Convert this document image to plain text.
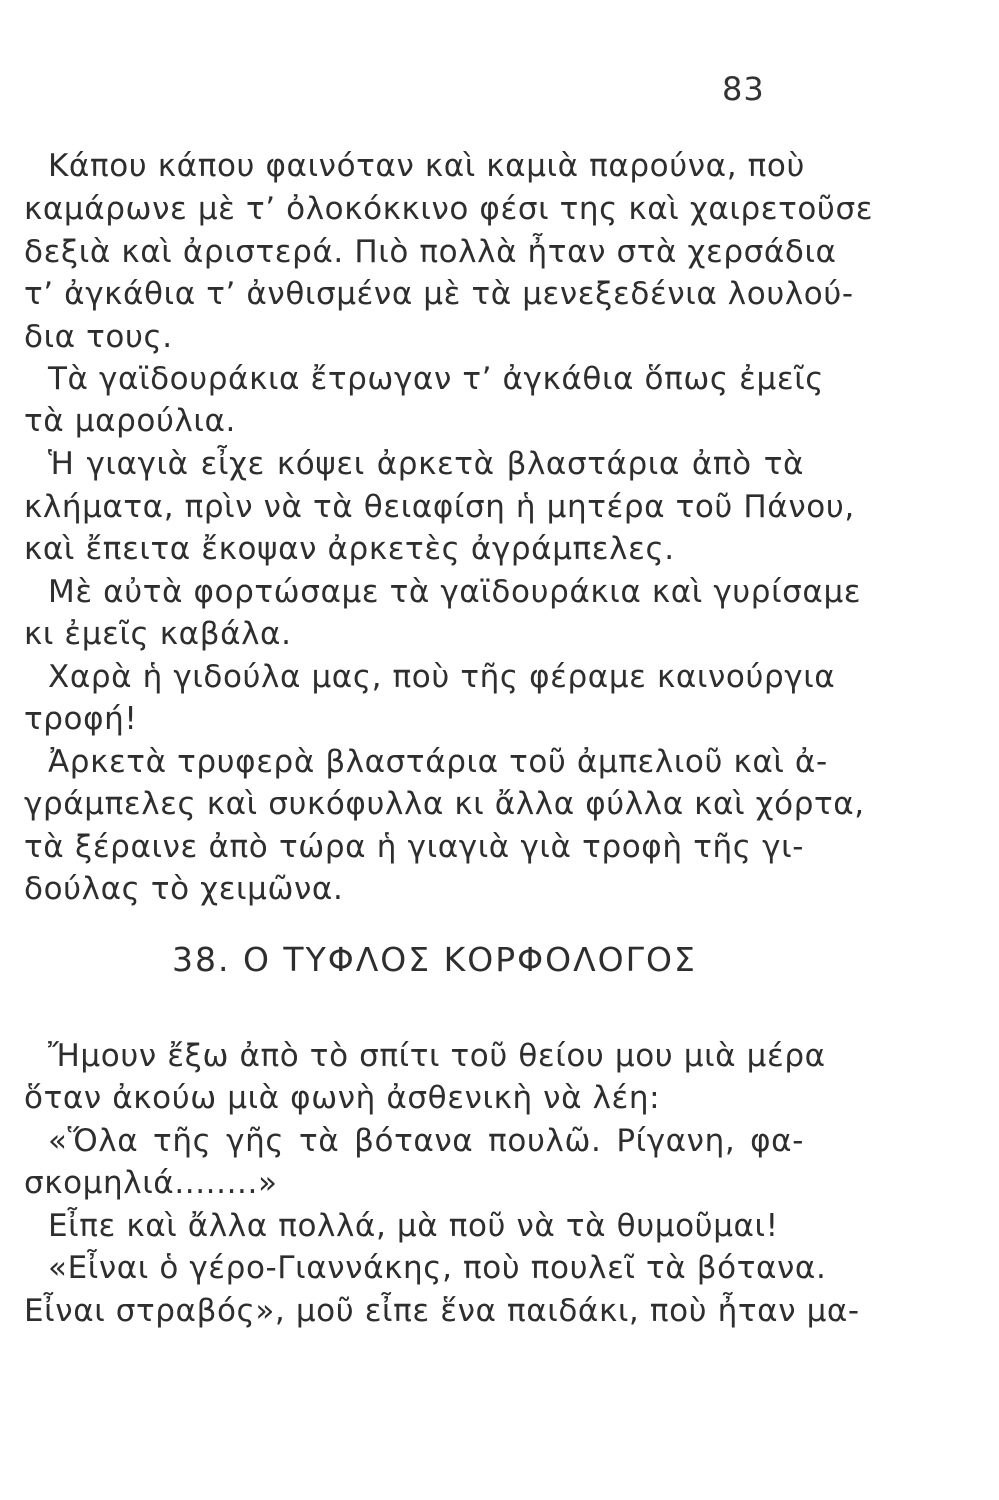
83
Κάπου κάπου φαινόταν καὶ καμιὰ παρούνα, ποὺ
καμάρωνε μὲ τ’ ὀλοκόκκινο φέσι της καὶ χαιρετοῦσε
δεξιὰ καὶ ἀριστερά. Πιὸ πολλὰ ἦταν στὰ χερσάδια
τ’ ἀγκάθια τ’ ἀνθισμένα μὲ τὰ μενεξεδένια λουλού-
δια τους.
Τὰ γαϊδουράκια ἔτρωγαν τ’ ἀγκάθια ὅπως ἐμεῖς
τὰ μαρούλια.
Ἡ γιαγιὰ εἶχε κόψει ἀρκετὰ βλαστάρια ἀπὸ τὰ
κλήματα, πρὶν νὰ τὰ θειαφίση ἡ μητέρα τοῦ Πάνου,
καὶ ἔπειτα ἔκοψαν ἀρκετὲς ἀγράμπελες.
Μὲ αὐτὰ φορτώσαμε τὰ γαϊδουράκια καὶ γυρίσαμε
κι ἐμεῖς καβάλα.
Χαρὰ ἡ γιδούλα μας, ποὺ τῆς φέραμε καινούργια
τροφή!
Ἀρκετὰ τρυφερὰ βλαστάρια τοῦ ἀμπελιοῦ καὶ ἀ-
γράμπελες καὶ συκόφυλλα κι ἄλλα φύλλα καὶ χόρτα,
τὰ ξέραινε ἀπὸ τώρα ἡ γιαγιὰ γιὰ τροφὴ τῆς γι-
δούλας τὸ χειμῶνα.
38. Ο ΤΥΦΛΟΣ ΚΟΡΦΟΛΟΓΟΣ
Ἤμουν ἔξω ἀπὸ τὸ σπίτι τοῦ θείου μου μιὰ μέρα
ὅταν ἀκούω μιὰ φωνὴ ἀσθενικὴ νὰ λέη:
«Ὅλα τῆς γῆς τὰ βότανα πουλῶ. Ρίγανη, φα-
σκομηλιά........»
Εἶπε καὶ ἄλλα πολλά, μὰ ποῦ νὰ τὰ θυμοῦμαι!
«Εἶναι ὁ γέρο-Γιαννάκης, ποὺ πουλεῖ τὰ βότανα.
Εἶναι στραβός», μοῦ εἶπε ἕνα παιδάκι, ποὺ ἦταν μα-
